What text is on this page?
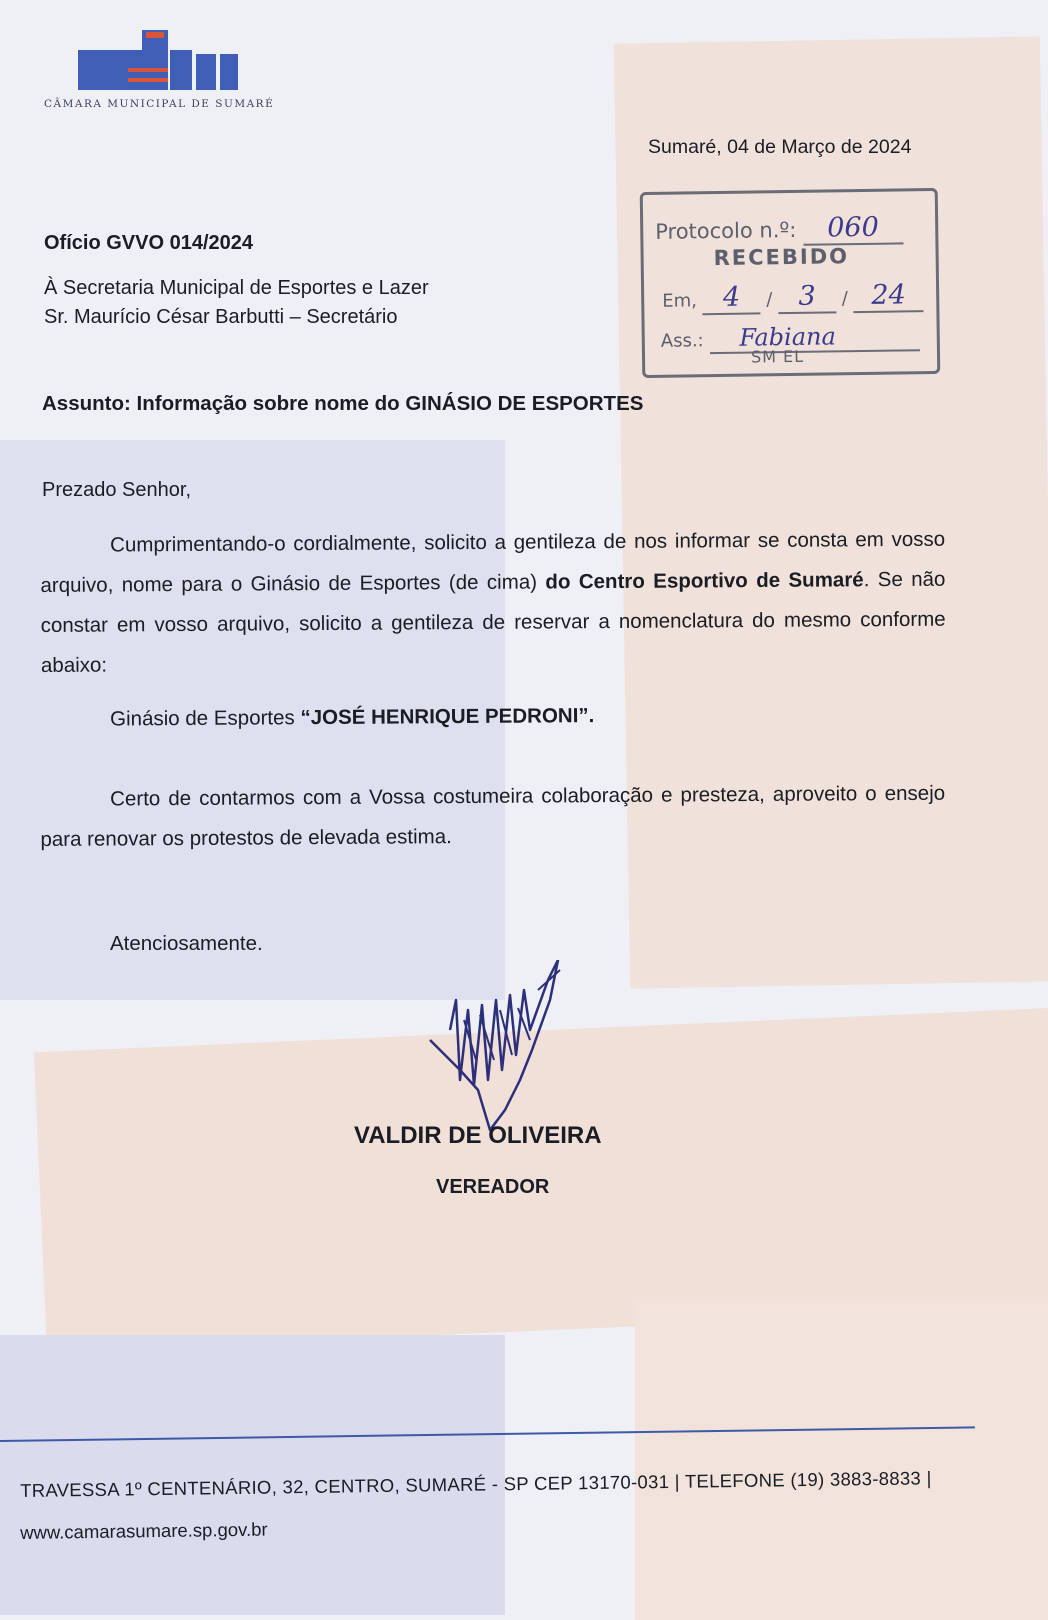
CÂMARA MUNICIPAL DE SUMARÉ
Sumaré, 04 de Março de 2024
Protocolo n.º: 060
RECEBIDO
Em, 4 / 3 / 24
Ass.: Fabiana
SM EL
Ofício GVVO 014/2024
À Secretaria Municipal de Esportes e Lazer
Sr. Maurício César Barbutti – Secretário
Assunto: Informação sobre nome do GINÁSIO DE ESPORTES
Prezado Senhor,
Cumprimentando-o cordialmente, solicito a gentileza de nos informar se consta em vosso arquivo, nome para o Ginásio de Esportes (de cima) do Centro Esportivo de Sumaré. Se não constar em vosso arquivo, solicito a gentileza de reservar a nomenclatura do mesmo conforme abaixo:
Ginásio de Esportes “JOSÉ HENRIQUE PEDRONI”.
Certo de contarmos com a Vossa costumeira colaboração e presteza, aproveito o ensejo para renovar os protestos de elevada estima.
Atenciosamente.
VALDIR DE OLIVEIRA
VEREADOR
TRAVESSA 1º CENTENÁRIO, 32, CENTRO, SUMARÉ - SP CEP 13170-031 | TELEFONE (19) 3883-8833 |
www.camarasumare.sp.gov.br
